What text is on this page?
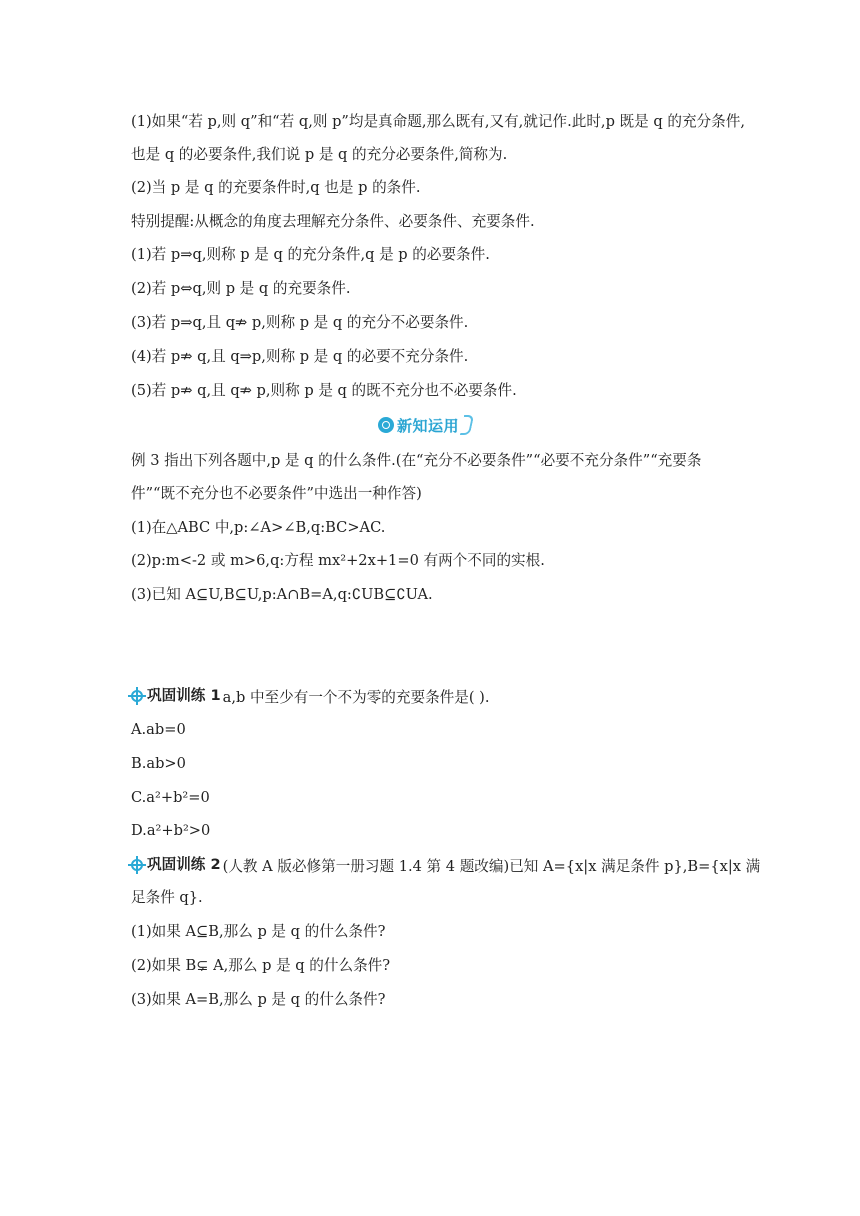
(1)如果“若 p,则 q”和“若 q,则 p”均是真命题,那么既有,又有,就记作.此时,p 既是 q 的充分条件,
也是 q 的必要条件,我们说 p 是 q 的充分必要条件,简称为.
(2)当 p 是 q 的充要条件时,q 也是 p 的条件.
特别提醒:从概念的角度去理解充分条件、必要条件、充要条件.
(1)若 p⇒q,则称 p 是 q 的充分条件,q 是 p 的必要条件.
(2)若 p⇔q,则 p 是 q 的充要条件.
(3)若 p⇒q,且 q⇏ p,则称 p 是 q 的充分不必要条件.
(4)若 p⇏ q,且 q⇒p,则称 p 是 q 的必要不充分条件.
(5)若 p⇏ q,且 q⇏ p,则称 p 是 q 的既不充分也不必要条件.
新知运用
例 3 指出下列各题中,p 是 q 的什么条件.(在“充分不必要条件”“必要不充分条件”“充要条
件”“既不充分也不必要条件”中选出一种作答)
(1)在△ABC 中,p:∠A>∠B,q:BC>AC.
(2)p:m<-2 或 m>6,q:方程 mx²+2x+1=0 有两个不同的实根.
(3)已知 A⊆U,B⊆U,p:A∩B=A,q:∁UB⊆∁UA.
巩固训练 1 a,b 中至少有一个不为零的充要条件是( ).
A.ab=0
B.ab>0
C.a²+b²=0
D.a²+b²>0
巩固训练 2 (人教 A 版必修第一册习题 1.4 第 4 题改编)已知 A={x|x 满足条件 p},B={x|x 满
足条件 q}.
(1)如果 A⊆B,那么 p 是 q 的什么条件?
(2)如果 B⊊ A,那么 p 是 q 的什么条件?
(3)如果 A=B,那么 p 是 q 的什么条件?
